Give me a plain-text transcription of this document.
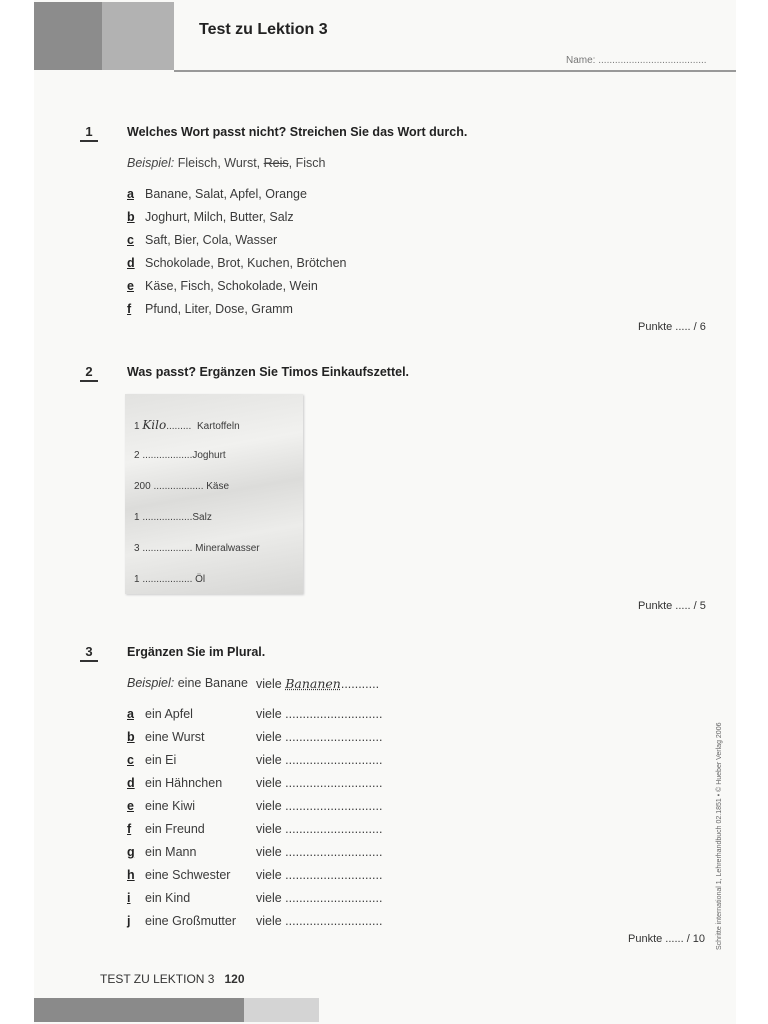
Test zu Lektion 3
Name: .......................................
1	Welches Wort passt nicht? Streichen Sie das Wort durch.
Beispiel: Fleisch, Wurst, Reis, Fisch
a Banane, Salat, Apfel, Orange
b Joghurt, Milch, Butter, Salz
c Saft, Bier, Cola, Wasser
d Schokolade, Brot, Kuchen, Brötchen
e Käse, Fisch, Schokolade, Wein
f Pfund, Liter, Dose, Gramm
Punkte ..... / 6
2	Was passt? Ergänzen Sie Timos Einkaufszettel.
1 Kilo......... Kartoffeln
2 ..................Joghurt
200 .................. Käse
1 ..................Salz
3 .................. Mineralwasser
1 .................. Öl
Punkte ..... / 5
3	Ergänzen Sie im Plural.
Beispiel: eine Banane viele Bananen...........
a ein Apfel	viele ............................
b eine Wurst	viele ............................
c ein Ei	viele ............................
d ein Hähnchen	viele ............................
e eine Kiwi	viele ............................
f ein Freund	viele ............................
g ein Mann	viele ............................
h eine Schwester viele ............................
i ein Kind	viele ............................
j eine Großmutter viele ............................
Punkte ...... / 10 Schritte international 1, Lehrerhandbuch 02.1851 • © Hueber Verlag 2006
TEST ZU LEKTION 3 120
